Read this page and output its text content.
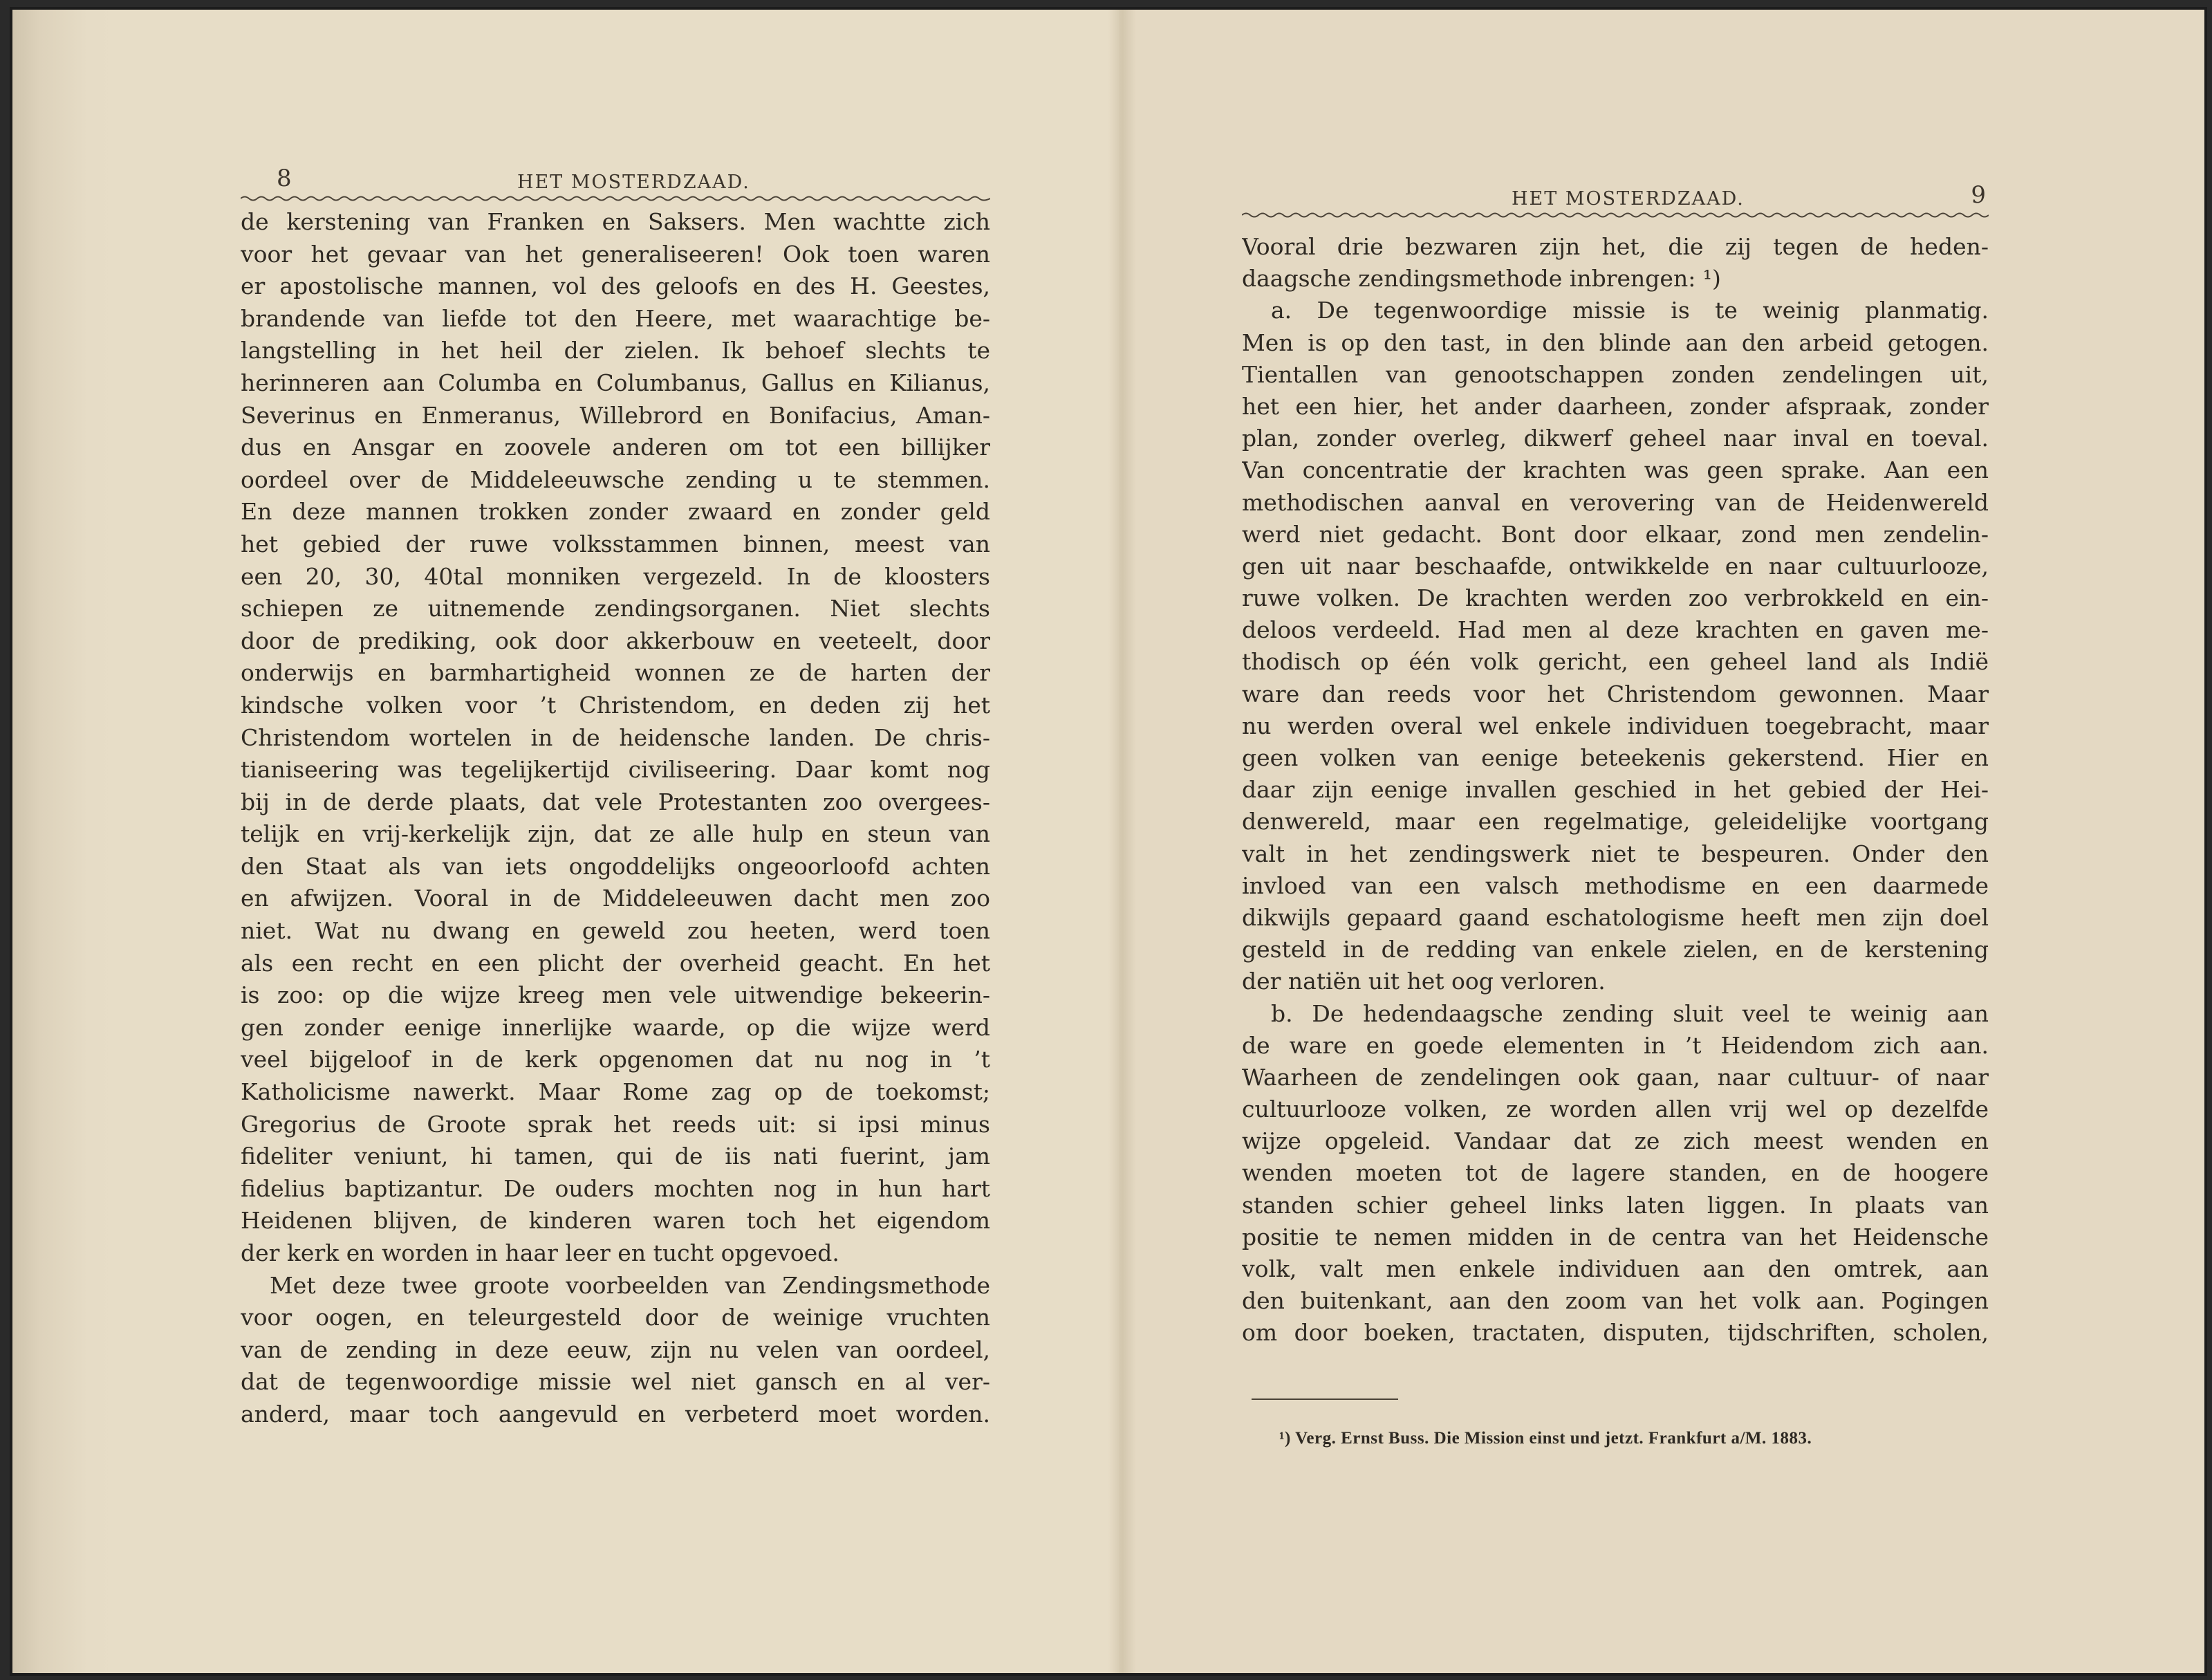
8	HET MOSTERDZAAD.
de kerstening van Franken en Saksers. Men wachtte zich
voor het gevaar van het generaliseeren! Ook toen waren
er apostolische mannen, vol des geloofs en des H. Geestes,
brandende van liefde tot den Heere, met waarachtige be-
langstelling in het heil der zielen. Ik behoef slechts te
herinneren aan Columba en Columbanus, Gallus en Kilianus,
Severinus en Enmeranus, Willebrord en Bonifacius, Aman-
dus en Ansgar en zoovele anderen om tot een billijker
oordeel over de Middeleeuwsche zending u te stemmen.
En deze mannen trokken zonder zwaard en zonder geld
het gebied der ruwe volksstammen binnen, meest van
een 20, 30, 40tal monniken vergezeld. In de kloosters
schiepen ze uitnemende zendingsorganen. Niet slechts
door de prediking, ook door akkerbouw en veeteelt, door
onderwijs en barmhartigheid wonnen ze de harten der
kindsche volken voor ’t Christendom, en deden zij het
Christendom wortelen in de heidensche landen. De chris-
tianiseering was tegelijkertijd civiliseering. Daar komt nog
bij in de derde plaats, dat vele Protestanten zoo overgees-
telijk en vrij-kerkelijk zijn, dat ze alle hulp en steun van
den Staat als van iets ongoddelijks ongeoorloofd achten
en afwijzen. Vooral in de Middeleeuwen dacht men zoo
niet. Wat nu dwang en geweld zou heeten, werd toen
als een recht en een plicht der overheid geacht. En het
is zoo: op die wijze kreeg men vele uitwendige bekeerin-
gen zonder eenige innerlijke waarde, op die wijze werd
veel bijgeloof in de kerk opgenomen dat nu nog in ’t
Katholicisme nawerkt. Maar Rome zag op de toekomst;
Gregorius de Groote sprak het reeds uit: si ipsi minus
fideliter veniunt, hi tamen, qui de iis nati fuerint, jam
fidelius baptizantur. De ouders mochten nog in hun hart
Heidenen blijven, de kinderen waren toch het eigendom
der kerk en worden in haar leer en tucht opgevoed.
Met deze twee groote voorbeelden van Zendingsmethode
voor oogen, en teleurgesteld door de weinige vruchten
van de zending in deze eeuw, zijn nu velen van oordeel,
dat de tegenwoordige missie wel niet gansch en al ver-
anderd, maar toch aangevuld en verbeterd moet worden.
HET MOSTERDZAAD.	9
Vooral drie bezwaren zijn het, die zij tegen de heden-
daagsche zendingsmethode inbrengen: ¹)
a. De tegenwoordige missie is te weinig planmatig.
Men is op den tast, in den blinde aan den arbeid getogen.
Tientallen van genootschappen zonden zendelingen uit,
het een hier, het ander daarheen, zonder afspraak, zonder
plan, zonder overleg, dikwerf geheel naar inval en toeval.
Van concentratie der krachten was geen sprake. Aan een
methodischen aanval en verovering van de Heidenwereld
werd niet gedacht. Bont door elkaar, zond men zendelin-
gen uit naar beschaafde, ontwikkelde en naar cultuurlooze,
ruwe volken. De krachten werden zoo verbrokkeld en ein-
deloos verdeeld. Had men al deze krachten en gaven me-
thodisch op één volk gericht, een geheel land als Indië
ware dan reeds voor het Christendom gewonnen. Maar
nu werden overal wel enkele individuen toegebracht, maar
geen volken van eenige beteekenis gekerstend. Hier en
daar zijn eenige invallen geschied in het gebied der Hei-
denwereld, maar een regelmatige, geleidelijke voortgang
valt in het zendingswerk niet te bespeuren. Onder den
invloed van een valsch methodisme en een daarmede
dikwijls gepaard gaand eschatologisme heeft men zijn doel
gesteld in de redding van enkele zielen, en de kerstening
der natiën uit het oog verloren.
b. De hedendaagsche zending sluit veel te weinig aan
de ware en goede elementen in ’t Heidendom zich aan.
Waarheen de zendelingen ook gaan, naar cultuur- of naar
cultuurlooze volken, ze worden allen vrij wel op dezelfde
wijze opgeleid. Vandaar dat ze zich meest wenden en
wenden moeten tot de lagere standen, en de hoogere
standen schier geheel links laten liggen. In plaats van
positie te nemen midden in de centra van het Heidensche
volk, valt men enkele individuen aan den omtrek, aan
den buitenkant, aan den zoom van het volk aan. Pogingen
om door boeken, tractaten, disputen, tijdschriften, scholen,
¹) Verg. Ernst Buss. Die Mission einst und jetzt. Frankfurt a/M. 1883.
